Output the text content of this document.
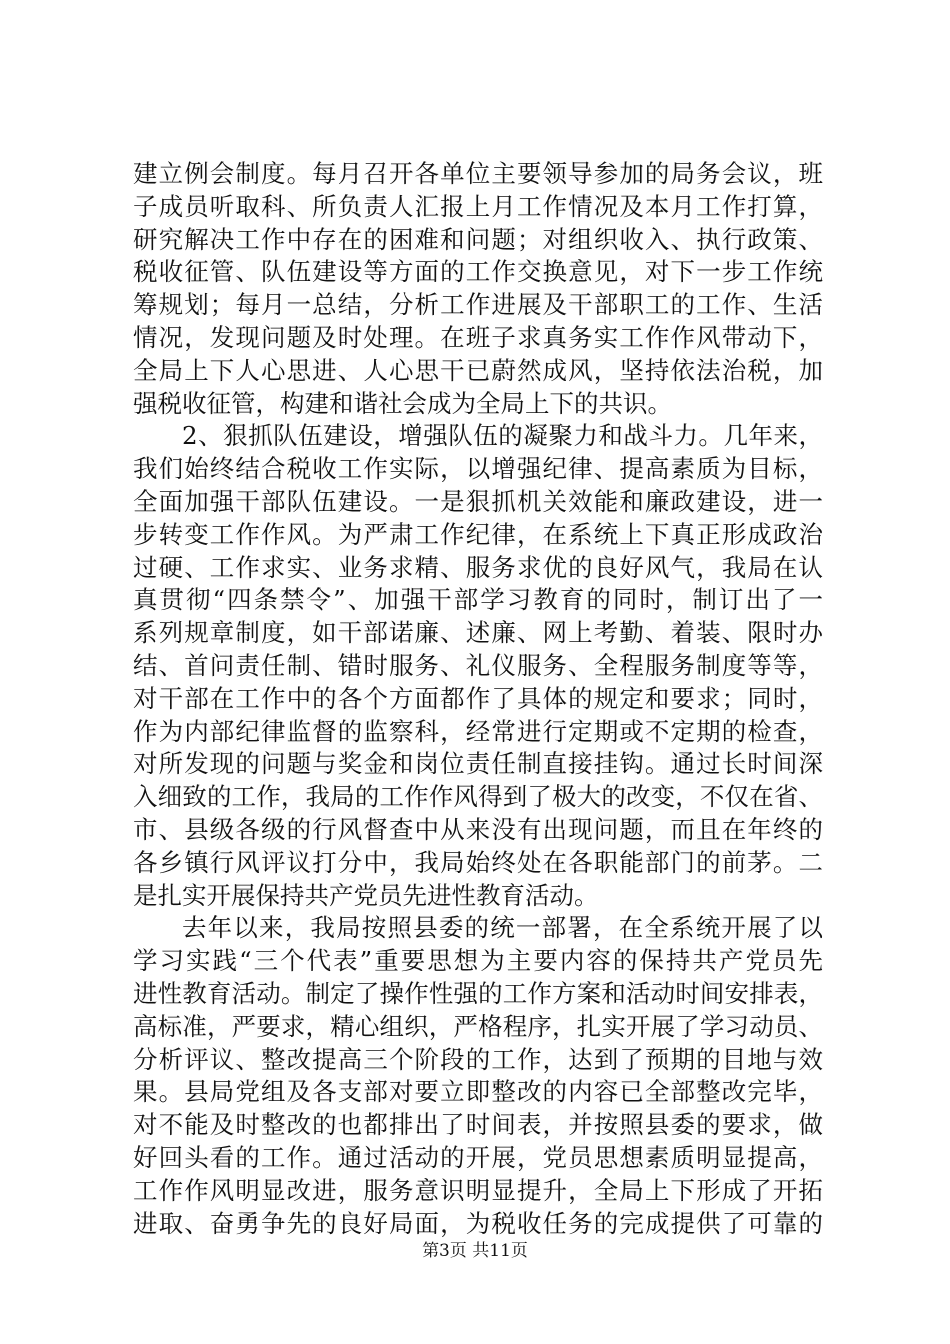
建立例会制度。每月召开各单位主要领导参加的局务会议，班
子成员听取科、所负责人汇报上月工作情况及本月工作打算，
研究解决工作中存在的困难和问题；对组织收入、执行政策、
税收征管、队伍建设等方面的工作交换意见，对下一步工作统
筹规划；每月一总结，分析工作进展及干部职工的工作、生活
情况，发现问题及时处理。在班子求真务实工作作风带动下，
全局上下人心思进、人心思干已蔚然成风，坚持依法治税，加
强税收征管，构建和谐社会成为全局上下的共识。
2、狠抓队伍建设，增强队伍的凝聚力和战斗力。几年来，
我们始终结合税收工作实际，以增强纪律、提高素质为目标，
全面加强干部队伍建设。一是狠抓机关效能和廉政建设，进一
步转变工作作风。为严肃工作纪律，在系统上下真正形成政治
过硬、工作求实、业务求精、服务求优的良好风气，我局在认
真贯彻“四条禁令”、加强干部学习教育的同时，制订出了一
系列规章制度，如干部诺廉、述廉、网上考勤、着装、限时办
结、首问责任制、错时服务、礼仪服务、全程服务制度等等，
对干部在工作中的各个方面都作了具体的规定和要求；同时，
作为内部纪律监督的监察科，经常进行定期或不定期的检查，
对所发现的问题与奖金和岗位责任制直接挂钩。通过长时间深
入细致的工作，我局的工作作风得到了极大的改变，不仅在省、
市、县级各级的行风督查中从来没有出现问题，而且在年终的
各乡镇行风评议打分中，我局始终处在各职能部门的前茅。二
是扎实开展保持共产党员先进性教育活动。
去年以来，我局按照县委的统一部署，在全系统开展了以
学习实践“三个代表”重要思想为主要内容的保持共产党员先
进性教育活动。制定了操作性强的工作方案和活动时间安排表，
高标准，严要求，精心组织，严格程序，扎实开展了学习动员、
分析评议、整改提高三个阶段的工作，达到了预期的目地与效
果。县局党组及各支部对要立即整改的内容已全部整改完毕，
对不能及时整改的也都排出了时间表，并按照县委的要求，做
好回头看的工作。通过活动的开展，党员思想素质明显提高，
工作作风明显改进，服务意识明显提升，全局上下形成了开拓
进取、奋勇争先的良好局面，为税收任务的完成提供了可靠的
第3页 共11页
